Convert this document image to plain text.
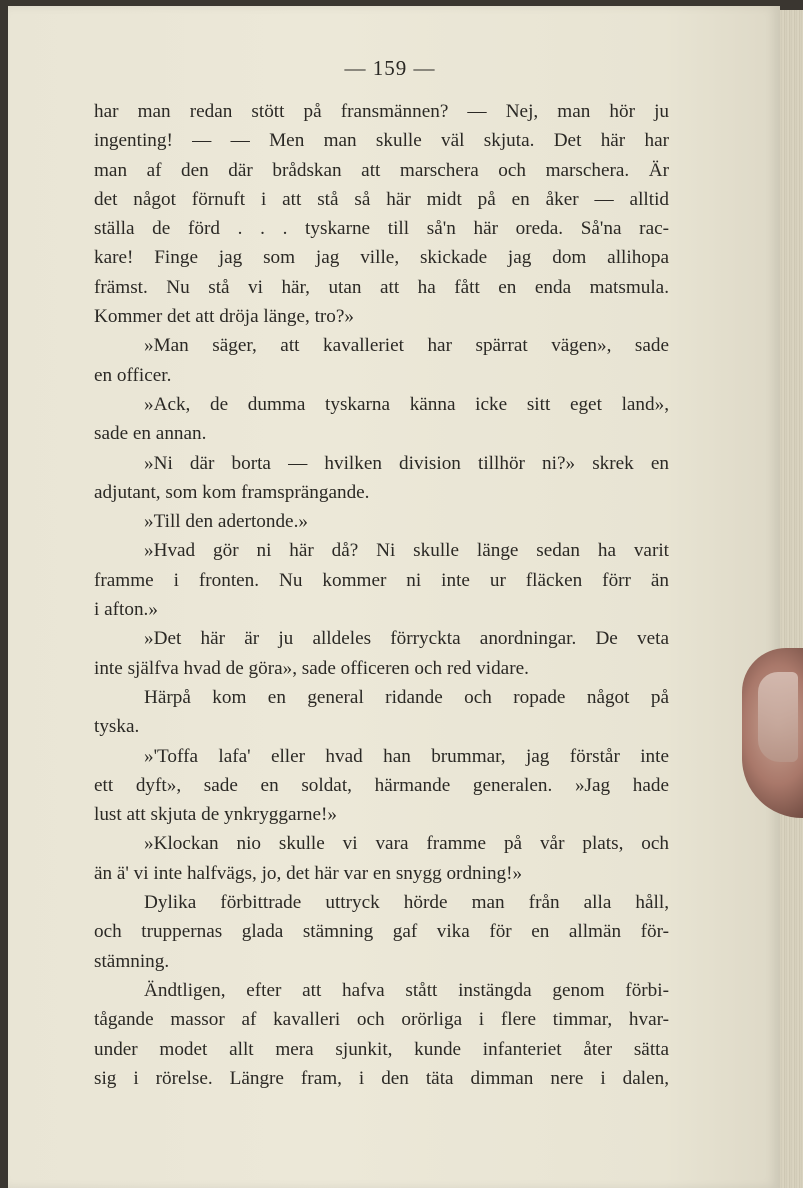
— 159 —
har man redan stött på fransmännen? — Nej, man hör ju
ingenting! — — Men man skulle väl skjuta. Det här har
man af den där brådskan att marschera och marschera. Är
det något förnuft i att stå så här midt på en åker — alltid
ställa de förd . . . tyskarne till så'n här oreda. Så'na rac-
kare! Finge jag som jag ville, skickade jag dom allihopa
främst. Nu stå vi här, utan att ha fått en enda matsmula.
Kommer det att dröja länge, tro?»
»Man säger, att kavalleriet har spärrat vägen», sade
en officer.
»Ack, de dumma tyskarna känna icke sitt eget land»,
sade en annan.
»Ni där borta — hvilken division tillhör ni?» skrek en
adjutant, som kom framsprängande.
»Till den adertonde.»
»Hvad gör ni här då? Ni skulle länge sedan ha varit
framme i fronten. Nu kommer ni inte ur fläcken förr än
i afton.»
»Det här är ju alldeles förryckta anordningar. De veta
inte själfva hvad de göra», sade officeren och red vidare.
Härpå kom en general ridande och ropade något på
tyska.
»'Toffa lafa' eller hvad han brummar, jag förstår inte
ett dyft», sade en soldat, härmande generalen. »Jag hade
lust att skjuta de ynkryggarne!»
»Klockan nio skulle vi vara framme på vår plats, och
än ä' vi inte halfvägs, jo, det här var en snygg ordning!»
Dylika förbittrade uttryck hörde man från alla håll,
och truppernas glada stämning gaf vika för en allmän för-
stämning.
Ändtligen, efter att hafva stått instängda genom förbi-
tågande massor af kavalleri och orörliga i flere timmar, hvar-
under modet allt mera sjunkit, kunde infanteriet åter sätta
sig i rörelse. Längre fram, i den täta dimman nere i dalen,
